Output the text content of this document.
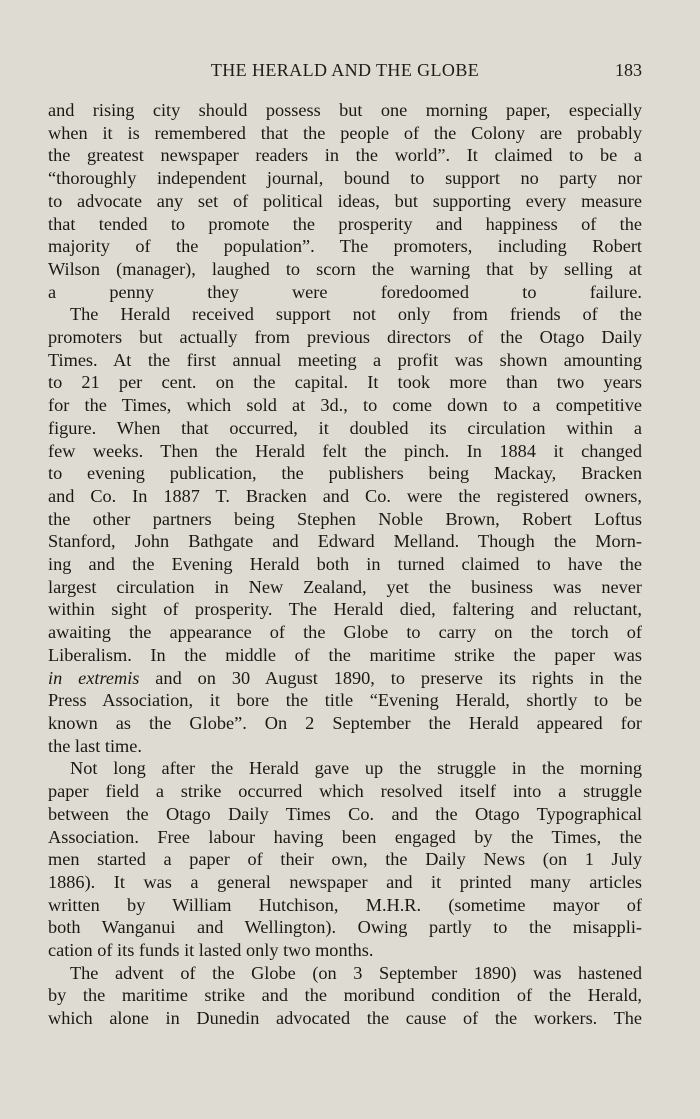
THE HERALD AND THE GLOBE	183

and rising city should possess but one morning paper, especially
when it is remembered that the people of the Colony are probably
the greatest newspaper readers in the world”. It claimed to be a
“thoroughly independent journal, bound to support no party nor
to advocate any set of political ideas, but supporting every measure
that tended to promote the prosperity and happiness of the
majority of the population”. The promoters, including Robert
Wilson (manager), laughed to scorn the warning that by selling at
a penny they were foredoomed to failure.

The Herald received support not only from friends of the
promoters but actually from previous directors of the Otago Daily
Times. At the first annual meeting a profit was shown amounting
to 21 per cent. on the capital. It took more than two years
for the Times, which sold at 3d., to come down to a competitive
figure. When that occurred, it doubled its circulation within a
few weeks. Then the Herald felt the pinch. In 1884 it changed
to evening publication, the publishers being Mackay, Bracken
and Co. In 1887 T. Bracken and Co. were the registered owners,
the other partners being Stephen Noble Brown, Robert Loftus
Stanford, John Bathgate and Edward Melland. Though the Morn-
ing and the Evening Herald both in turned claimed to have the
largest circulation in New Zealand, yet the business was never
within sight of prosperity. The Herald died, faltering and reluctant,
awaiting the appearance of the Globe to carry on the torch of
Liberalism. In the middle of the maritime strike the paper was
in extremis and on 30 August 1890, to preserve its rights in the
Press Association, it bore the title “Evening Herald, shortly to be
known as the Globe”. On 2 September the Herald appeared for
the last time.

Not long after the Herald gave up the struggle in the morning
paper field a strike occurred which resolved itself into a struggle
between the Otago Daily Times Co. and the Otago Typographical
Association. Free labour having been engaged by the Times, the
men started a paper of their own, the Daily News (on 1 July
1886). It was a general newspaper and it printed many articles
written by William Hutchison, M.H.R. (sometime mayor of
both Wanganui and Wellington). Owing partly to the misappli-
cation of its funds it lasted only two months.

The advent of the Globe (on 3 September 1890) was hastened
by the maritime strike and the moribund condition of the Herald,
which alone in Dunedin advocated the cause of the workers. The
